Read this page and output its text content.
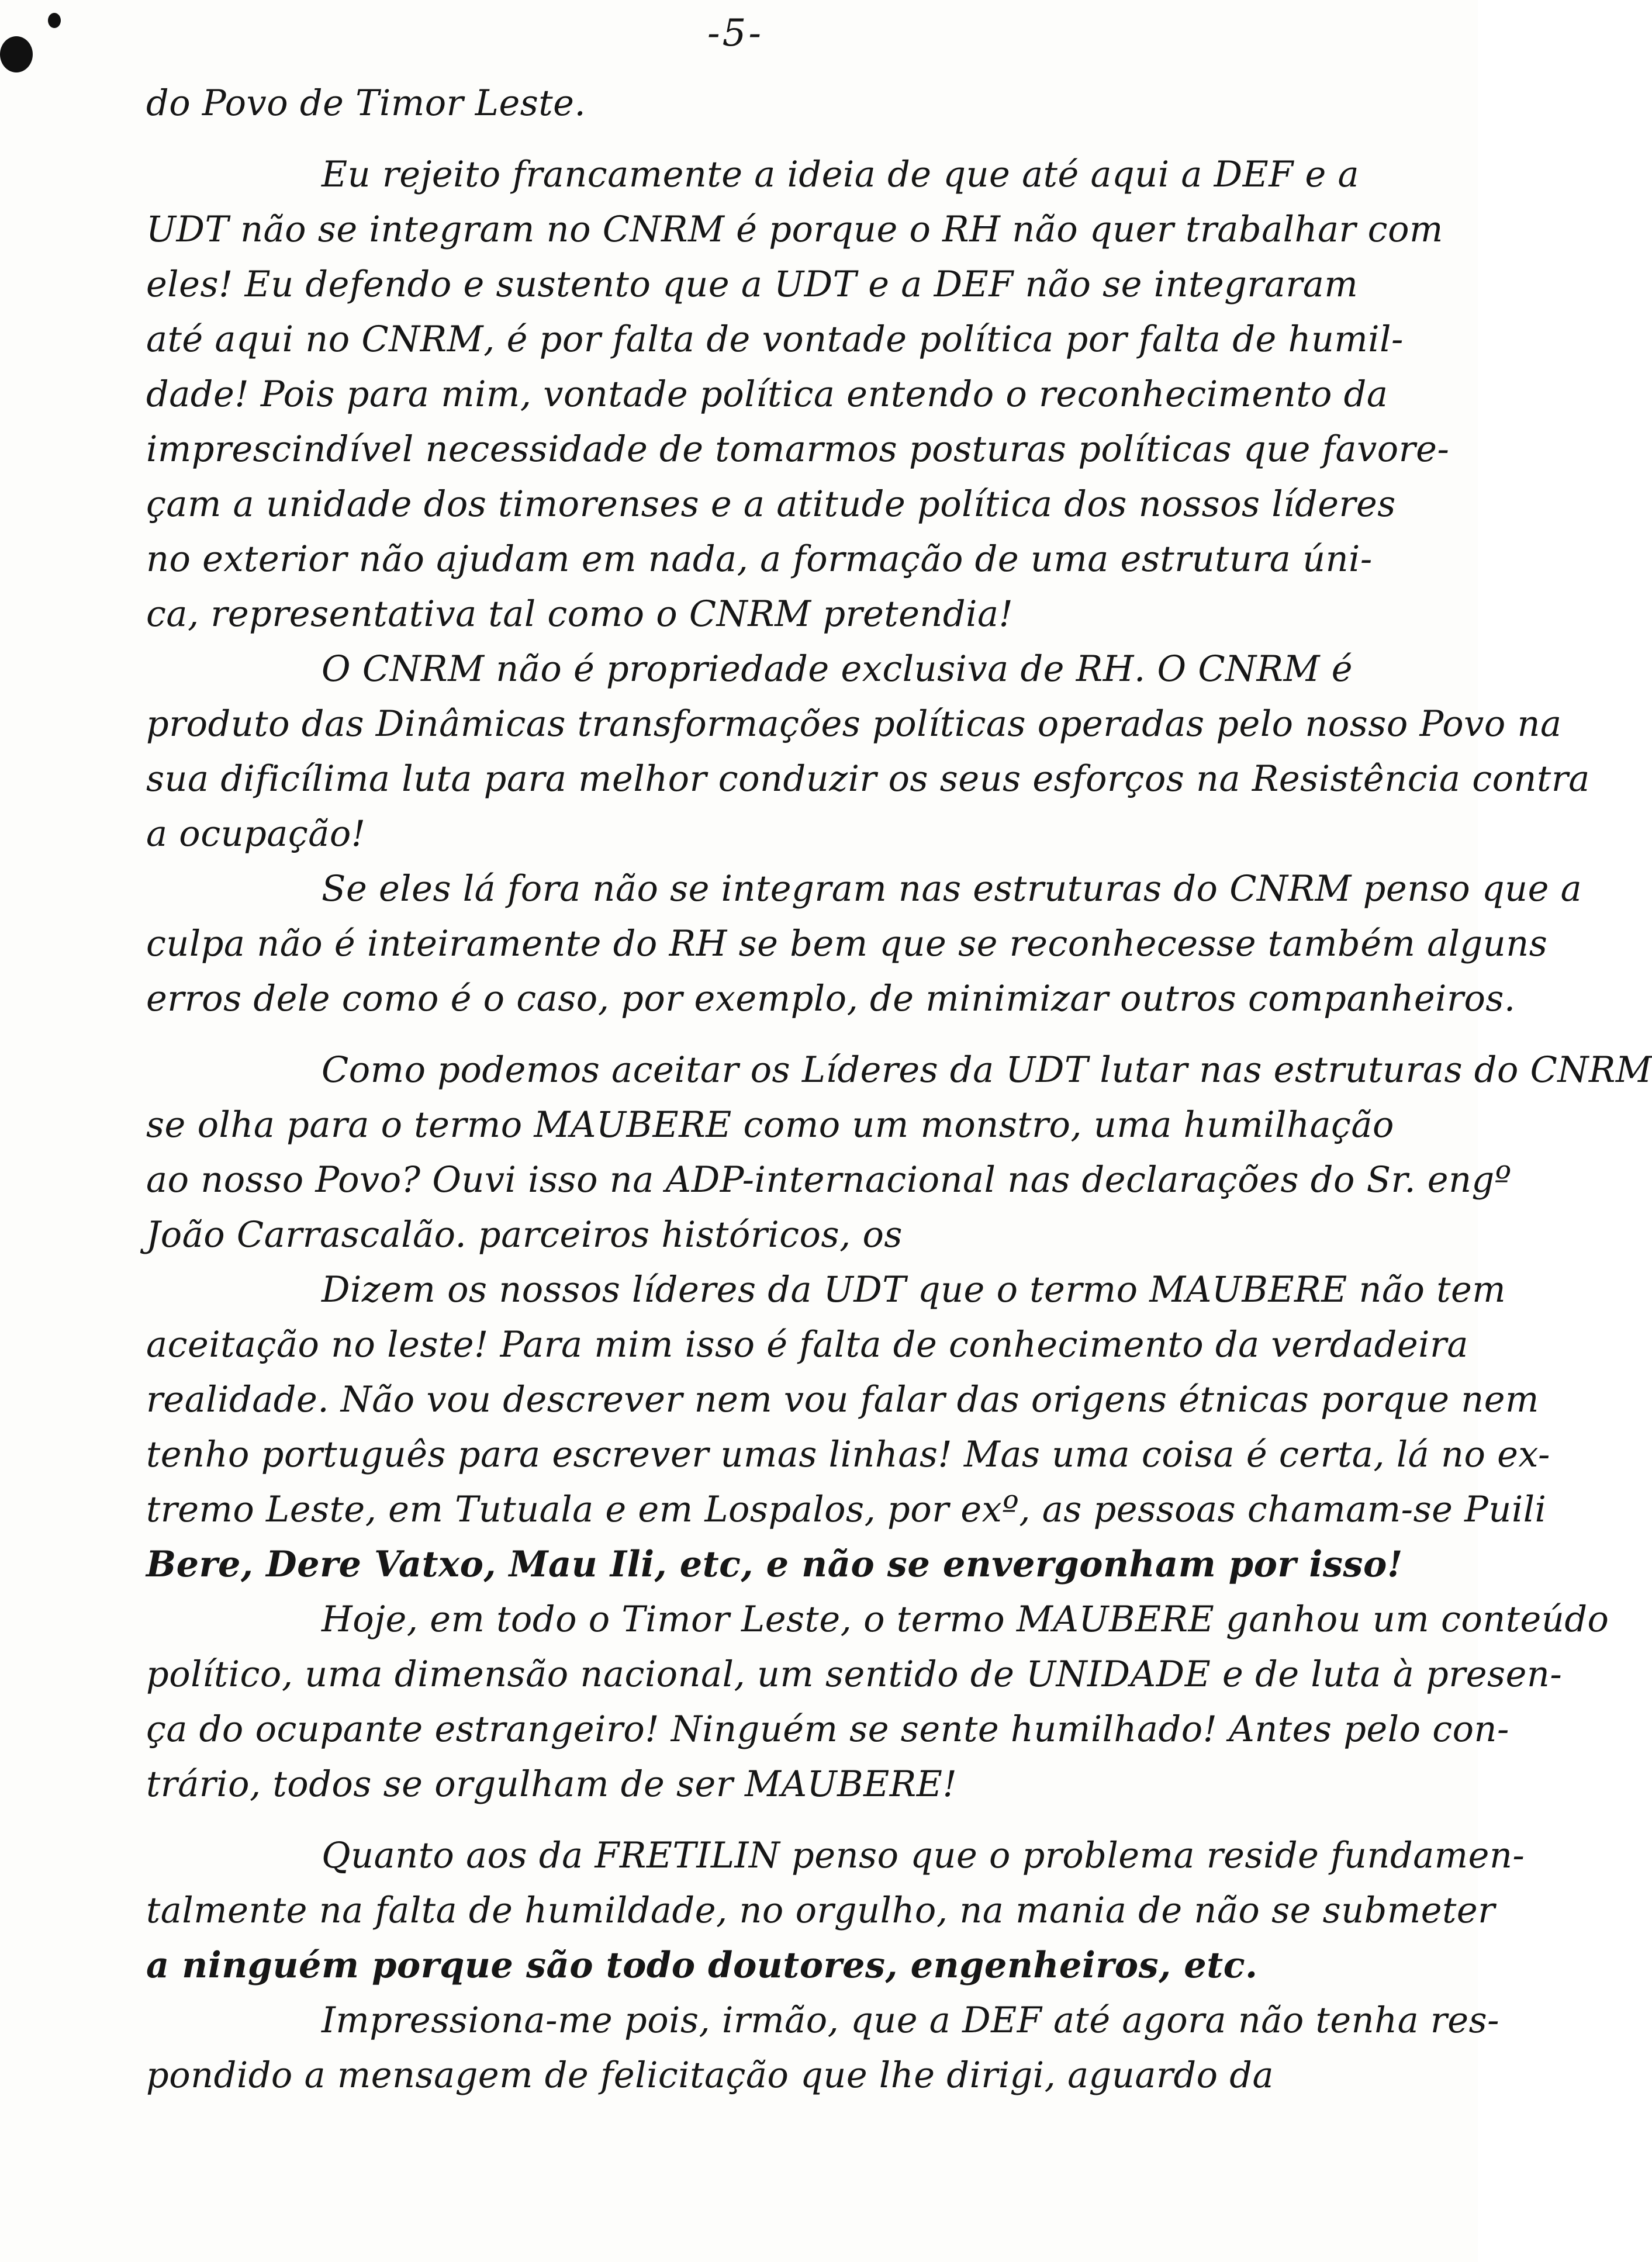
-5-
do Povo de Timor Leste.
Eu rejeito francamente a ideia de que até aqui a DEF e a
UDT não se integram no CNRM é porque o RH não quer trabalhar com
eles! Eu defendo e sustento que a UDT e a DEF não se integraram
até aqui no CNRM, é por falta de vontade política por falta de humil-
dade! Pois para mim, vontade política entendo o reconhecimento da
imprescindível necessidade de tomarmos posturas políticas que favore-
çam a unidade dos timorenses e a atitude política dos nossos líderes
no exterior não ajudam em nada, a formação de uma estrutura úni-
ca, representativa tal como o CNRM pretendia!
O CNRM não é propriedade exclusiva de RH. O CNRM é
produto das Dinâmicas transformações políticas operadas pelo nosso Povo na
sua dificílima luta para melhor conduzir os seus esforços na Resistência contra
a ocupação!
Se eles lá fora não se integram nas estruturas do CNRM penso que a
culpa não é inteiramente do RH se bem que se reconhecesse também alguns
erros dele como é o caso, por exemplo, de minimizar outros companheiros.
Como podemos aceitar os Líderes da UDT lutar nas estruturas do CNRM
se olha para o termo MAUBERE como um monstro, uma humilhação
ao nosso Povo? Ouvi isso na ADP-internacional nas declarações do Sr. engº
João Carrascalão. parceiros históricos, os
Dizem os nossos líderes da UDT que o termo MAUBERE não tem
aceitação no leste! Para mim isso é falta de conhecimento da verdadeira
realidade. Não vou descrever nem vou falar das origens étnicas porque nem
tenho português para escrever umas linhas! Mas uma coisa é certa, lá no ex-
tremo Leste, em Tutuala e em Lospalos, por exº, as pessoas chamam-se Puili
Bere, Dere Vatxo, Mau Ili, etc, e não se envergonham por isso!
Hoje, em todo o Timor Leste, o termo MAUBERE ganhou um conteúdo
político, uma dimensão nacional, um sentido de UNIDADE e de luta à presen-
ça do ocupante estrangeiro! Ninguém se sente humilhado! Antes pelo con-
trário, todos se orgulham de ser MAUBERE!
Quanto aos da FRETILIN penso que o problema reside fundamen-
talmente na falta de humildade, no orgulho, na mania de não se submeter
a ninguém porque são todo doutores, engenheiros, etc.
Impressiona-me pois, irmão, que a DEF até agora não tenha res-
pondido a mensagem de felicitação que lhe dirigi, aguardo da
